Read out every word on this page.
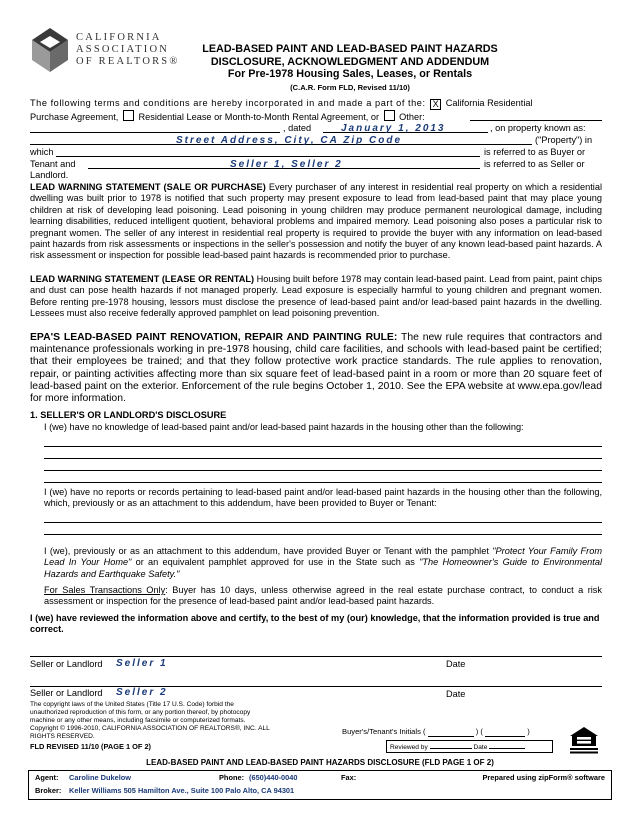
CALIFORNIA
ASSOCIATION
OF REALTORS®
LEAD-BASED PAINT AND LEAD-BASED PAINT HAZARDS
DISCLOSURE, ACKNOWLEDGMENT AND ADDENDUM
For Pre-1978 Housing Sales, Leases, or Rentals
(C.A.R. Form FLD, Revised 11/10)
The following terms and conditions are hereby incorporated in and made a part of the: X California Residential
Purchase Agreement, Residential Lease or Month-to-Month Rental Agreement, or Other:
, dated	January 1, 2013	, on property known as:
Street Address, City, CA Zip Code	("Property") in
which	is referred to as Buyer or
Tenant and	Seller 1, Seller 2	is referred to as Seller or
Landlord.
LEAD WARNING STATEMENT (SALE OR PURCHASE) Every purchaser of any interest in residential real property on which a residential dwelling was built prior to 1978 is notified that such property may present exposure to lead from lead-based paint that may place young children at risk of developing lead poisoning. Lead poisoning in young children may produce permanent neurological damage, including learning disabilities, reduced intelligent quotient, behavioral problems and impaired memory. Lead poisoning also poses a particular risk to pregnant women. The seller of any interest in residential real property is required to provide the buyer with any information on lead-based paint hazards from risk assessments or inspections in the seller's possession and notify the buyer of any known lead-based paint hazards. A risk assessment or inspection for possible lead-based paint hazards is recommended prior to purchase.
LEAD WARNING STATEMENT (LEASE OR RENTAL) Housing built before 1978 may contain lead-based paint. Lead from paint, paint chips and dust can pose health hazards if not managed properly. Lead exposure is especially harmful to young children and pregnant women. Before renting pre-1978 housing, lessors must disclose the presence of lead-based paint and/or lead-based paint hazards in the dwelling. Lessees must also receive federally approved pamphlet on lead poisoning prevention.
EPA'S LEAD-BASED PAINT RENOVATION, REPAIR AND PAINTING RULE: The new rule requires that contractors and maintenance professionals working in pre-1978 housing, child care facilities, and schools with lead-based paint be certified; that their employees be trained; and that they follow protective work practice standards. The rule applies to renovation, repair, or painting activities affecting more than six square feet of lead-based paint in a room or more than 20 square feet of lead-based paint on the exterior. Enforcement of the rule begins October 1, 2010. See the EPA website at www.epa.gov/lead for more information.
1. SELLER'S OR LANDLORD'S DISCLOSURE
I (we) have no knowledge of lead-based paint and/or lead-based paint hazards in the housing other than the following:
I (we) have no reports or records pertaining to lead-based paint and/or lead-based paint hazards in the housing other than the following, which, previously or as an attachment to this addendum, have been provided to Buyer or Tenant:
I (we), previously or as an attachment to this addendum, have provided Buyer or Tenant with the pamphlet "Protect Your Family From Lead In Your Home" or an equivalent pamphlet approved for use in the State such as "The Homeowner's Guide to Environmental Hazards and Earthquake Safety."
For Sales Transactions Only: Buyer has 10 days, unless otherwise agreed in the real estate purchase contract, to conduct a risk assessment or inspection for the presence of lead-based paint and/or lead-based paint hazards.
I (we) have reviewed the information above and certify, to the best of my (our) knowledge, that the information provided is true and correct.
Seller or Landlord Seller 1	Date
Seller or Landlord Seller 2	Date
The copyright laws of the United States (Title 17 U.S. Code) forbid the unauthorized reproduction of this form, or any portion thereof, by photocopy machine or any other means, including facsimile or computerized formats. Copyright © 1996-2010, CALIFORNIA ASSOCIATION OF REALTORS®, INC. ALL RIGHTS RESERVED.
FLD REVISED 11/10 (PAGE 1 OF 2)
Buyer's/Tenant's Initials (	) (	)
Reviewed by	Date
LEAD-BASED PAINT AND LEAD-BASED PAINT HAZARDS DISCLOSURE (FLD PAGE 1 OF 2)
Agent: Caroline Dukelow	Phone: (650)440-0040	Fax:	Prepared using zipForm® software
Broker: Keller Williams 505 Hamilton Ave., Suite 100 Palo Alto, CA 94301
